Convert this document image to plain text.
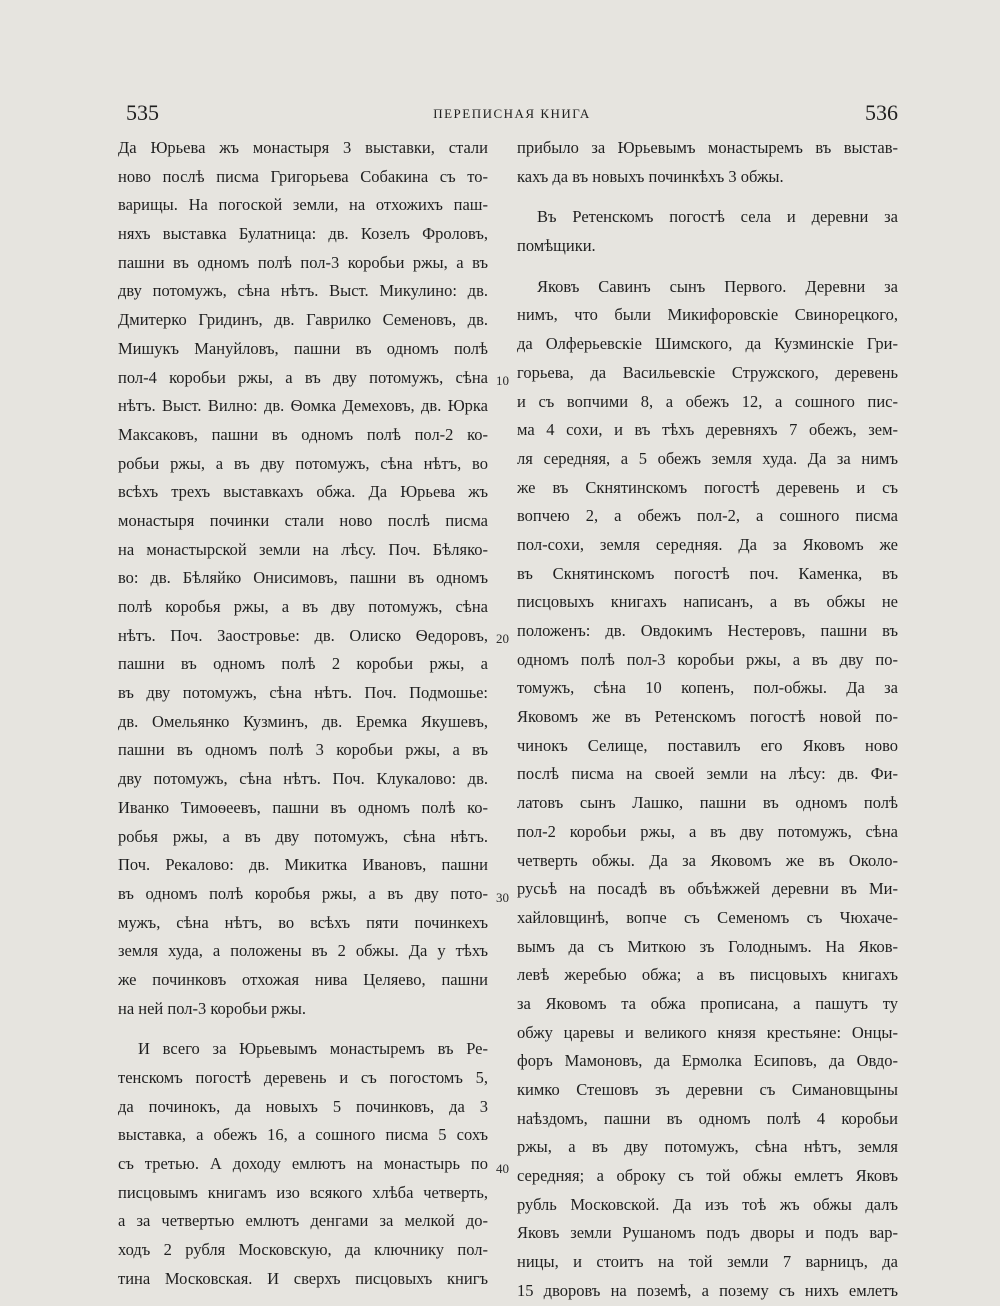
535	ПЕРЕПИСНАЯ КНИГА	536
Да Юрьева жъ монастыря 3 выставки, стали
ново послѣ писма Григорьева Собакина съ то-
варищы. На погоской земли, на отхожихъ паш-
няхъ выставка Булатница: дв. Козелъ Фроловъ,
пашни въ одномъ полѣ пол-3 коробьи ржы, а въ
дву потомужъ, сѣна нѣтъ. Выст. Микулино: дв.
Дмитерко Гридинъ, дв. Гаврилко Семеновъ, дв.
Мишукъ Мануйловъ, пашни въ одномъ полѣ
пол-4 коробьи ржы, а въ дву потомужъ, сѣна
нѣтъ. Выст. Вилно: дв. Ѳомка Демеховъ, дв. Юрка
Максаковъ, пашни въ одномъ полѣ пол-2 ко-
робьи ржы, а въ дву потомужъ, сѣна нѣтъ, во
всѣхъ трехъ выставкахъ обжа. Да Юрьева жъ
монастыря починки стали ново послѣ писма
на монастырской земли на лѣсу. Поч. Бѣляко-
во: дв. Бѣляйко Онисимовъ, пашни въ одномъ
полѣ коробья ржы, а въ дву потомужъ, сѣна
нѣтъ. Поч. Заостровье: дв. Олиско Ѳедоровъ,
пашни въ одномъ полѣ 2 коробьи ржы, а
въ дву потомужъ, сѣна нѣтъ. Поч. Подмошье:
дв. Омельянко Кузминъ, дв. Еремка Якушевъ,
пашни въ одномъ полѣ 3 коробьи ржы, а въ
дву потомужъ, сѣна нѣтъ. Поч. Клукалово: дв.
Иванко Тимоѳеевъ, пашни въ одномъ полѣ ко-
робья ржы, а въ дву потомужъ, сѣна нѣтъ.
Поч. Рекалово: дв. Микитка Ивановъ, пашни
въ одномъ полѣ коробья ржы, а въ дву пото-
мужъ, сѣна нѣтъ, во всѣхъ пяти починкехъ
земля худа, а положены въ 2 обжы. Да у тѣхъ
же починковъ отхожая нива Целяево, пашни
на ней пол-3 коробьи ржы.
И всего за Юрьевымъ монастыремъ въ Ре-
тенскомъ погостѣ деревень и съ погостомъ 5,
да починокъ, да новыхъ 5 починковъ, да 3
выставка, а обежъ 16, а сошного писма 5 сохъ
съ третью. А доходу емлютъ на монастырь по
писцовымъ книгамъ изо всякого хлѣба четверть,
а за четвертью емлютъ денгами за мелкой до-
ходъ 2 рубля Московскую, да ключнику пол-
тина Московская. И сверхъ писцовыхъ книгъ
10
20
30
40
прибыло за Юрьевымъ монастыремъ въ выстав-
кахъ да въ новыхъ починкѣхъ 3 обжы.
Въ Ретенскомъ погостѣ села и деревни за
помѣщики.
Яковъ Савинъ сынъ Первого. Деревни за
нимъ, что были Микифоровскіе Свинорецкого,
да Олферьевскіе Шимского, да Кузминскіе Гри-
горьева, да Васильевскіе Стружского, деревень
и съ вопчими 8, а обежъ 12, а сошного пис-
ма 4 сохи, и въ тѣхъ деревняхъ 7 обежъ, зем-
ля середняя, а 5 обежъ земля худа. Да за нимъ
же въ Скнятинскомъ погостѣ деревень и съ
вопчею 2, а обежъ пол-2, а сошного писма
пол-сохи, земля середняя. Да за Яковомъ же
въ Скнятинскомъ погостѣ поч. Каменка, въ
писцовыхъ книгахъ написанъ, а въ обжы не
положенъ: дв. Овдокимъ Нестеровъ, пашни въ
одномъ полѣ пол-3 коробьи ржы, а въ дву по-
томужъ, сѣна 10 копенъ, пол-обжы. Да за
Яковомъ же въ Ретенскомъ погостѣ новой по-
чинокъ Селище, поставилъ его Яковъ ново
послѣ писма на своей земли на лѣсу: дв. Фи-
латовъ сынъ Лашко, пашни въ одномъ полѣ
пол-2 коробьи ржы, а въ дву потомужъ, сѣна
четверть обжы. Да за Яковомъ же въ Околo-
русьѣ на посадѣ въ объѣжжей деревни въ Ми-
хайловщинѣ, вопче съ Семеномъ съ Чюхаче-
вымъ да съ Миткою зъ Голоднымъ. На Яков-
левѣ жеребью обжа; а въ писцовыхъ книгахъ
за Яковомъ та обжа прописана, а пашутъ ту
обжу царевы и великого князя крестьяне: Онцы-
форъ Мамоновъ, да Ермолка Есиповъ, да Овдо-
кимко Стешовъ зъ деревни съ Симановщыны
наѣздомъ, пашни въ одномъ полѣ 4 коробьи
ржы, а въ дву потомужъ, сѣна нѣтъ, земля
середняя; а оброку съ той обжы емлетъ Яковъ
рубль Московской. Да изъ тоѣ жъ обжы далъ
Яковъ земли Рушаномъ подъ дворы и подъ вар-
ницы, и стоитъ на той земли 7 варницъ, да
15 дворовъ на поземѣ, а позему съ нихъ емлетъ
